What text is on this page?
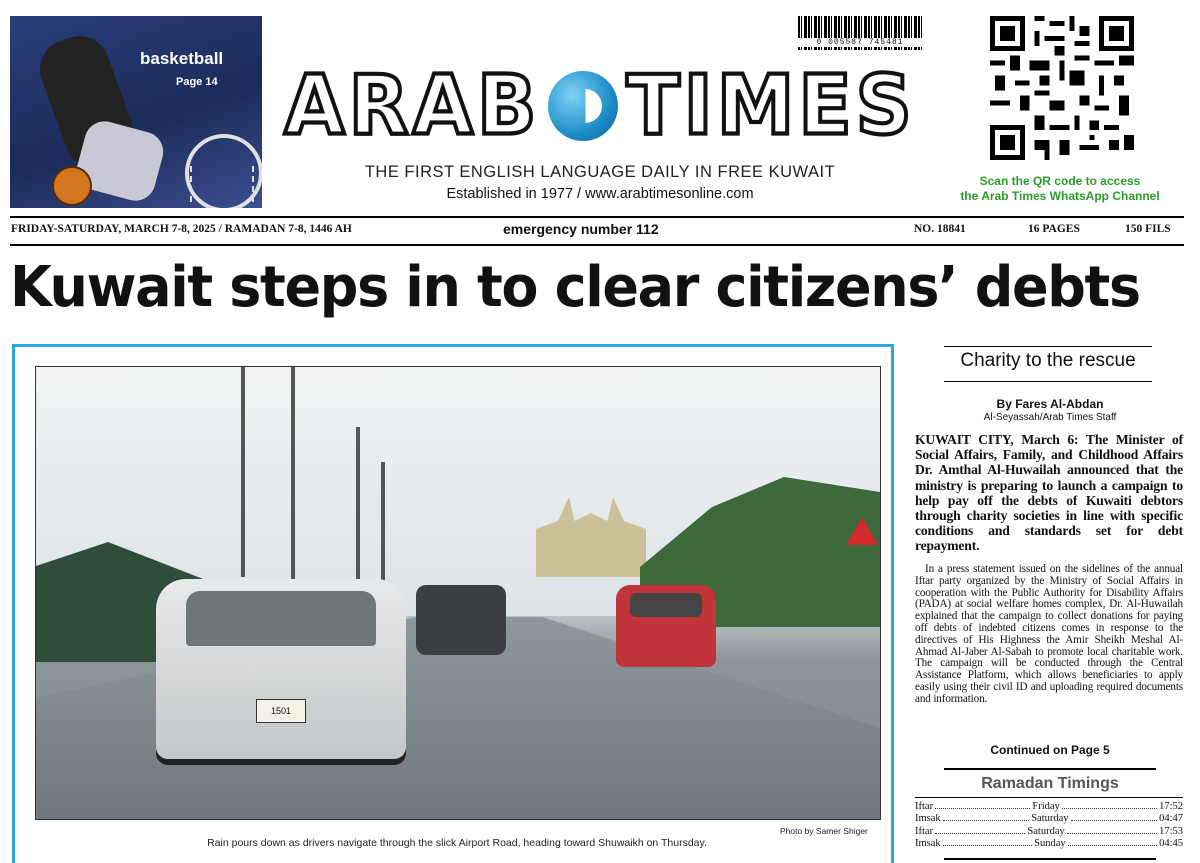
basketball
Page 14
0 005587 745481
ARAB TIMES
THE FIRST ENGLISH LANGUAGE DAILY IN FREE KUWAIT
Established in 1977 / www.arabtimesonline.com
Scan the QR code to access
the Arab Times WhatsApp Channel
FRIDAY-SATURDAY, MARCH 7-8, 2025 / RAMADAN 7-8, 1446 AH	emergency number 112	NO. 18841	16 PAGES	150 FILS
Kuwait steps in to clear citizens’ debts
1501
Photo by Samer Shiger
Rain pours down as drivers navigate through the slick Airport Road, heading toward Shuwaikh on Thursday.
Charity to the rescue
By Fares Al-Abdan
Al-Seyassah/Arab Times Staff
KUWAIT CITY, March 6: The Minister of Social Affairs, Family, and Childhood Affairs Dr. Amthal Al-Huwailah announced that the ministry is preparing to launch a campaign to help pay off the debts of Kuwaiti debtors through charity societies in line with specific conditions and standards set for debt repayment.
In a press statement issued on the sidelines of the annual Iftar party organized by the Ministry of Social Affairs in cooperation with the Public Authority for Disability Affairs (PADA) at social welfare homes complex, Dr. Al-Huwailah explained that the campaign to collect donations for paying off debts of indebted citizens comes in response to the directives of His Highness the Amir Sheikh Meshal Al-Ahmad Al-Jaber Al-Sabah to promote local charitable work. The campaign will be conducted through the Central Assistance Platform, which allows beneficiaries to apply easily using their civil ID and uploading required documents and information.
Continued on Page 5
Ramadan Timings
Iftar	Friday	17:52
Imsak	Saturday	04:47
Iftar	Saturday	17:53
Imsak	Sunday	04:45
